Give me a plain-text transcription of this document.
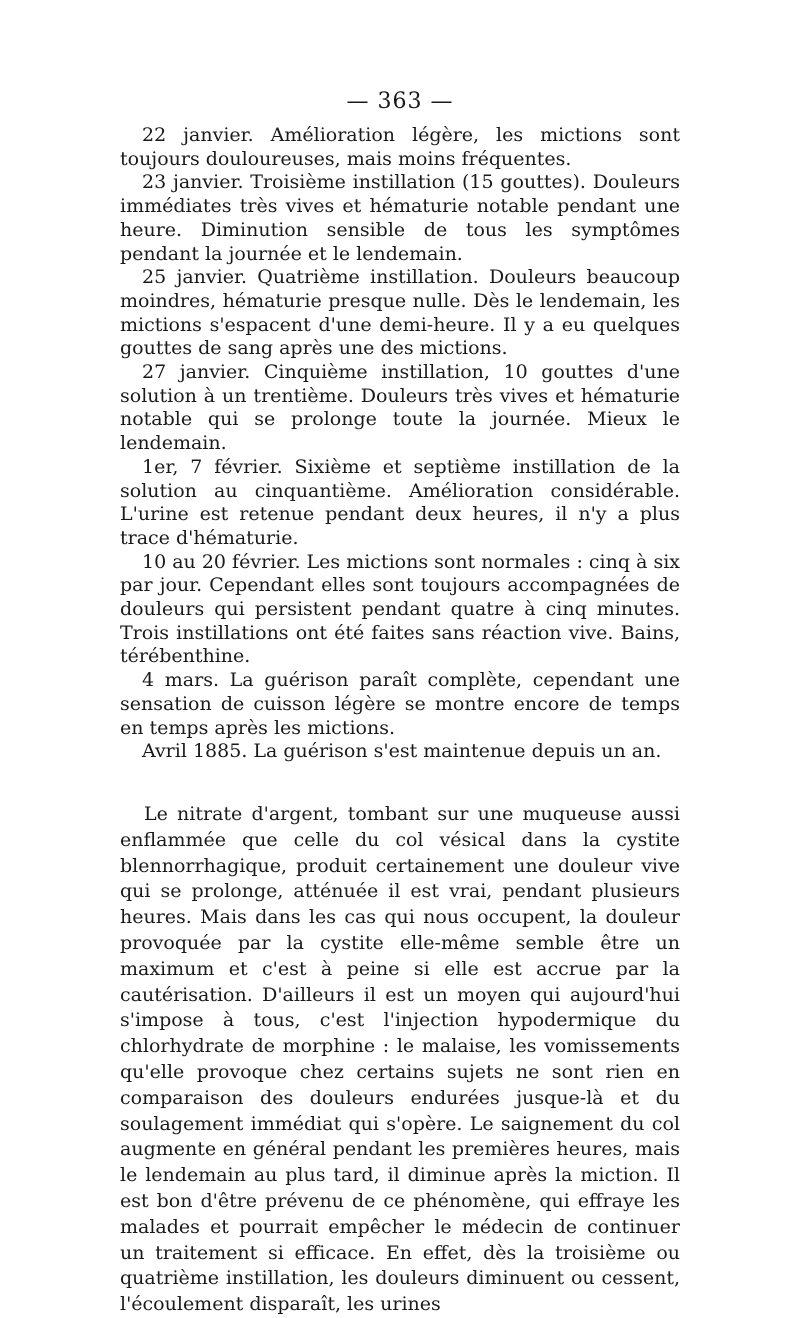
— 363 —

22 janvier. Amélioration légère, les mictions sont toujours douloureuses, mais moins fréquentes.

23 janvier. Troisième instillation (15 gouttes). Douleurs immédiates très vives et hématurie notable pendant une heure. Diminution sensible de tous les symptômes pendant la journée et le lendemain.

25 janvier. Quatrième instillation. Douleurs beaucoup moindres, hématurie presque nulle. Dès le lendemain, les mictions s'espacent d'une demi-heure. Il y a eu quelques gouttes de sang après une des mictions.

27 janvier. Cinquième instillation, 10 gouttes d'une solution à un trentième. Douleurs très vives et hématurie notable qui se prolonge toute la journée. Mieux le lendemain.

1er, 7 février. Sixième et septième instillation de la solution au cinquantième. Amélioration considérable. L'urine est retenue pendant deux heures, il n'y a plus trace d'hématurie.

10 au 20 février. Les mictions sont normales : cinq à six par jour. Cependant elles sont toujours accompagnées de douleurs qui persistent pendant quatre à cinq minutes. Trois instillations ont été faites sans réaction vive. Bains, térébenthine.

4 mars. La guérison paraît complète, cependant une sensation de cuisson légère se montre encore de temps en temps après les mictions.

Avril 1885. La guérison s'est maintenue depuis un an.

Le nitrate d'argent, tombant sur une muqueuse aussi enflammée que celle du col vésical dans la cystite blennorrhagique, produit certainement une douleur vive qui se prolonge, atténuée il est vrai, pendant plusieurs heures. Mais dans les cas qui nous occupent, la douleur provoquée par la cystite elle-même semble être un maximum et c'est à peine si elle est accrue par la cautérisation. D'ailleurs il est un moyen qui aujourd'hui s'impose à tous, c'est l'injection hypodermique du chlorhydrate de morphine : le malaise, les vomissements qu'elle provoque chez certains sujets ne sont rien en comparaison des douleurs endurées jusque-là et du soulagement immédiat qui s'opère. Le saignement du col augmente en général pendant les premières heures, mais le lendemain au plus tard, il diminue après la miction. Il est bon d'être prévenu de ce phénomène, qui effraye les malades et pourrait empêcher le médecin de continuer un traitement si efficace. En effet, dès la troisième ou quatrième instillation, les douleurs diminuent ou cessent, l'écoulement disparaît, les urines
